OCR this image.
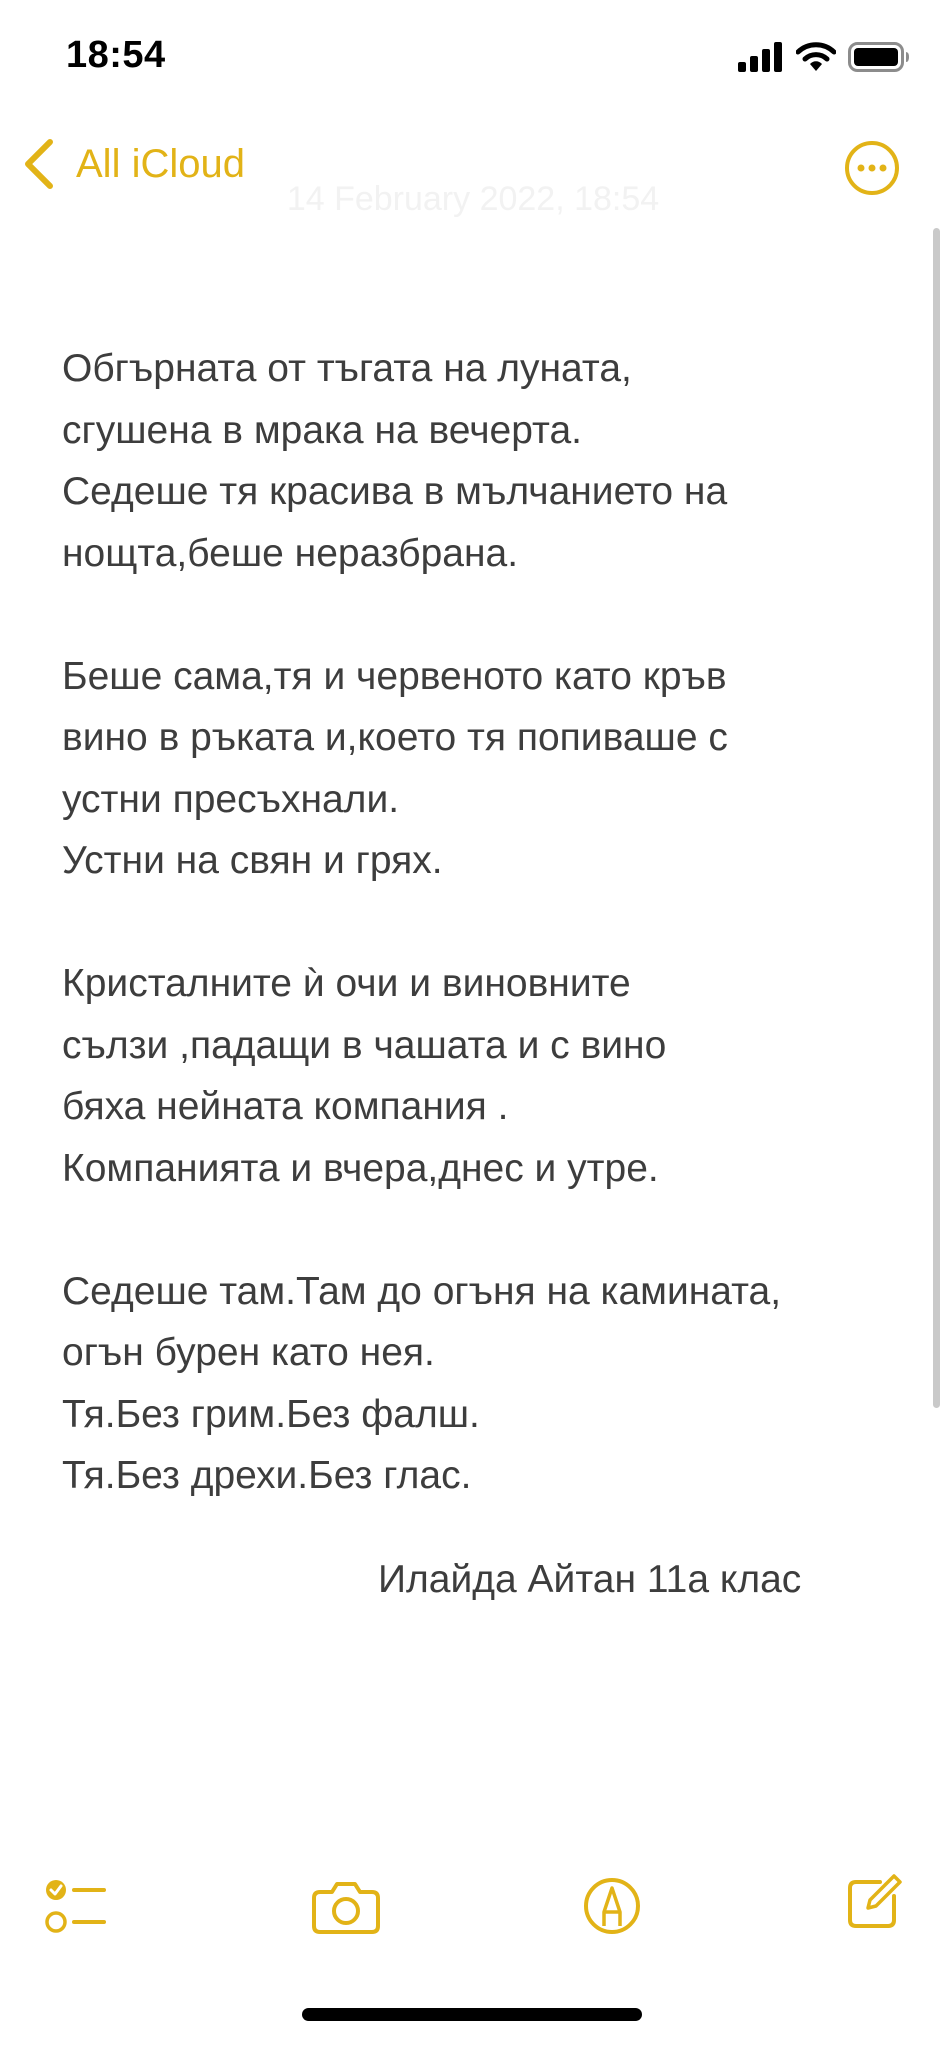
18:54
All iCloud
14 February 2022, 18:54
Обгърната от тъгата на луната,
сгушена в мрака на вечерта.
Седеше тя красива в мълчанието на
нощта,беше неразбрана.
Беше сама,тя и червеното като кръв
вино в ръката и,което тя попиваше с
устни пресъхнали.
Устни на свян и грях.
Кристалните ѝ очи и виновните
сълзи ,падащи в чашата и с вино
бяха нейната компания .
Компанията и вчера,днес и утре.
Седеше там.Там до огъня на камината,
огън бурен като нея.
Тя.Без грим.Без фалш.
Тя.Без дрехи.Без глас.
Илайда Айтан 11а клас
